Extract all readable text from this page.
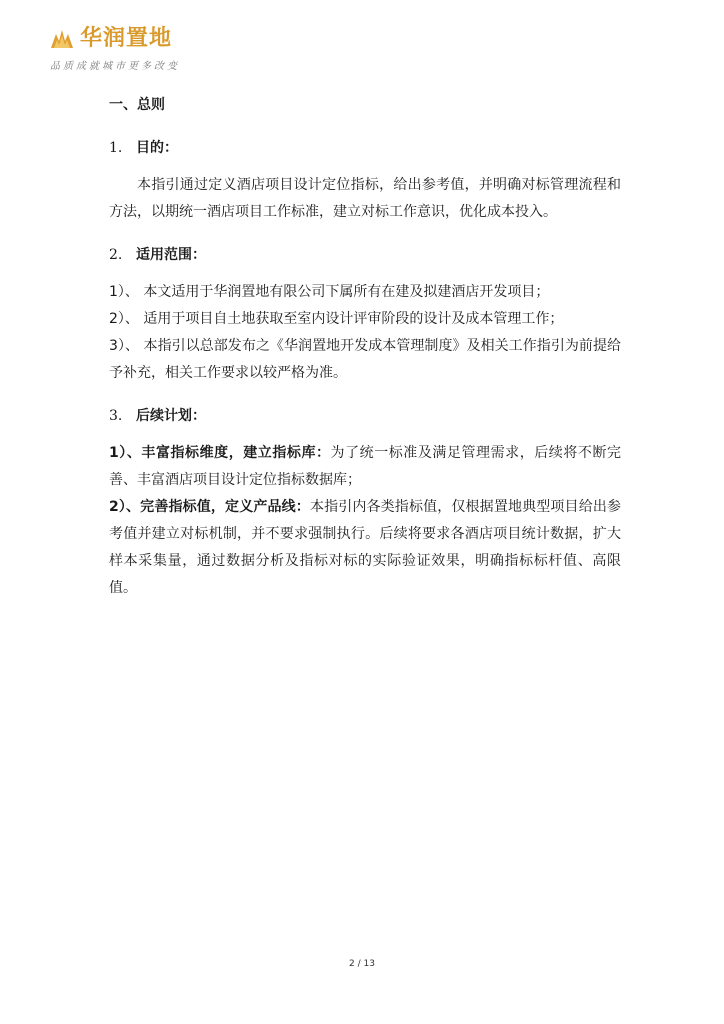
华润置地
品质成就城市更多改变
一、总则
1. 目的：

本指引通过定义酒店项目设计定位指标，给出参考值，并明确对标管理流程和方法，以期统一酒店项目工作标准，建立对标工作意识，优化成本投入。

2. 适用范围：

1）、 本文适用于华润置地有限公司下属所有在建及拟建酒店开发项目；

2）、 适用于项目自土地获取至室内设计评审阶段的设计及成本管理工作；

3）、 本指引以总部发布之《华润置地开发成本管理制度》及相关工作指引为前提给予补充，相关工作要求以较严格为准。

3. 后续计划：

1）、丰富指标维度，建立指标库：为了统一标准及满足管理需求，后续将不断完善、丰富酒店项目设计定位指标数据库；

2）、完善指标值，定义产品线：本指引内各类指标值，仅根据置地典型项目给出参考值并建立对标机制，并不要求强制执行。后续将要求各酒店项目统计数据，扩大样本采集量，通过数据分析及指标对标的实际验证效果，明确指标标杆值、高限值。

2 / 13
